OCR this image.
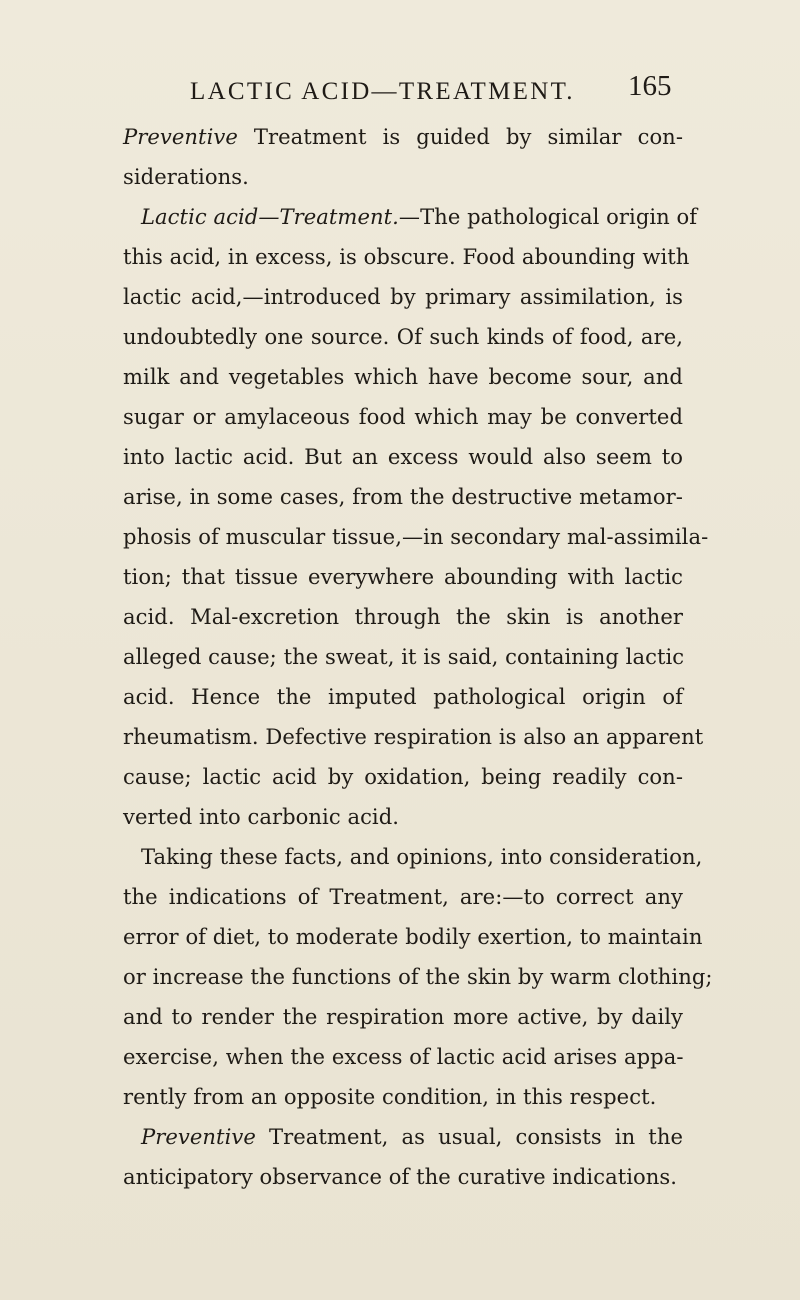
LACTIC ACID—TREATMENT. 165
Preventive Treatment is guided by similar con-
siderations.
Lactic acid—Treatment.—The pathological origin of
this acid, in excess, is obscure. Food abounding with
lactic acid,—introduced by primary assimilation, is
undoubtedly one source. Of such kinds of food, are,
milk and vegetables which have become sour, and
sugar or amylaceous food which may be converted
into lactic acid. But an excess would also seem to
arise, in some cases, from the destructive metamor-
phosis of muscular tissue,—in secondary mal-assimila-
tion; that tissue everywhere abounding with lactic
acid. Mal-excretion through the skin is another
alleged cause; the sweat, it is said, containing lactic
acid. Hence the imputed pathological origin of
rheumatism. Defective respiration is also an apparent
cause; lactic acid by oxidation, being readily con-
verted into carbonic acid.
Taking these facts, and opinions, into consideration,
the indications of Treatment, are:—to correct any
error of diet, to moderate bodily exertion, to maintain
or increase the functions of the skin by warm clothing;
and to render the respiration more active, by daily
exercise, when the excess of lactic acid arises appa-
rently from an opposite condition, in this respect.
Preventive Treatment, as usual, consists in the
anticipatory observance of the curative indications.
